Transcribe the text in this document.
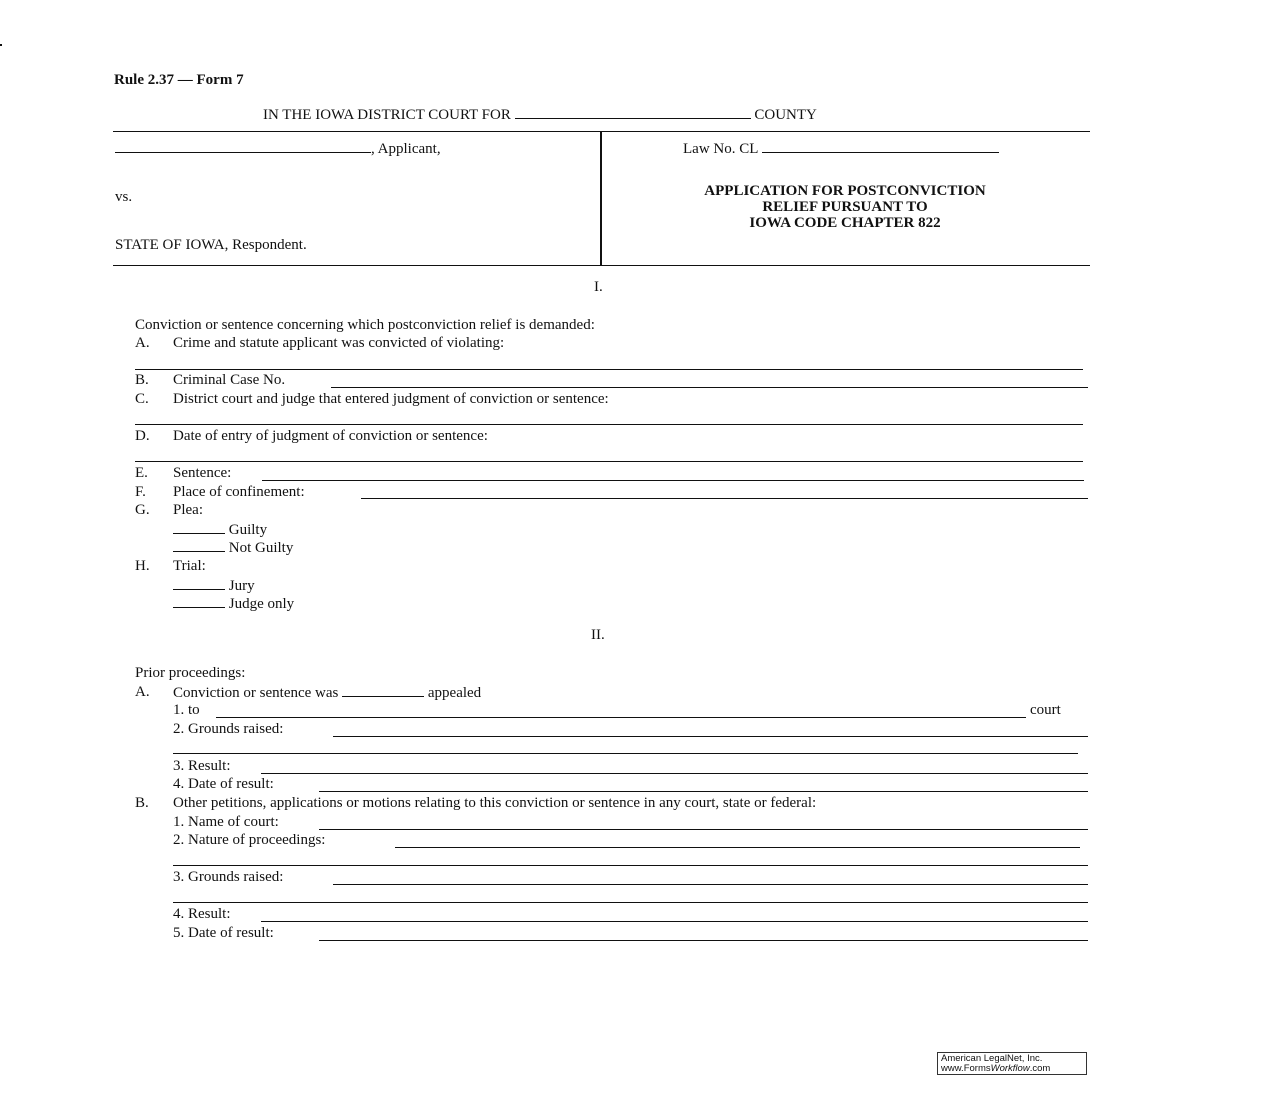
Rule 2.37 — Form 7
IN THE IOWA DISTRICT COURT FOR	COUNTY
, Applicant,
vs.
STATE OF IOWA, Respondent.
Law No. CL
APPLICATION FOR POSTCONVICTION
RELIEF PURSUANT TO
IOWA CODE CHAPTER 822
I.
Conviction or sentence concerning which postconviction relief is demanded:
A. Crime and statute applicant was convicted of violating:
B. Criminal Case No.
C. District court and judge that entered judgment of conviction or sentence:
D. Date of entry of judgment of conviction or sentence:
E. Sentence:
F. Place of confinement:
G. Plea:
Guilty
Not Guilty
H. Trial:
Jury
Judge only
II.
Prior proceedings:
A. Conviction or sentence was	appealed
1. to	court
2. Grounds raised:
3. Result:
4. Date of result:
B. Other petitions, applications or motions relating to this conviction or sentence in any court, state or federal:
1. Name of court:
2. Nature of proceedings:
3. Grounds raised:
4. Result:
5. Date of result:
American LegalNet, Inc.
www.FormsWorkflow.com
